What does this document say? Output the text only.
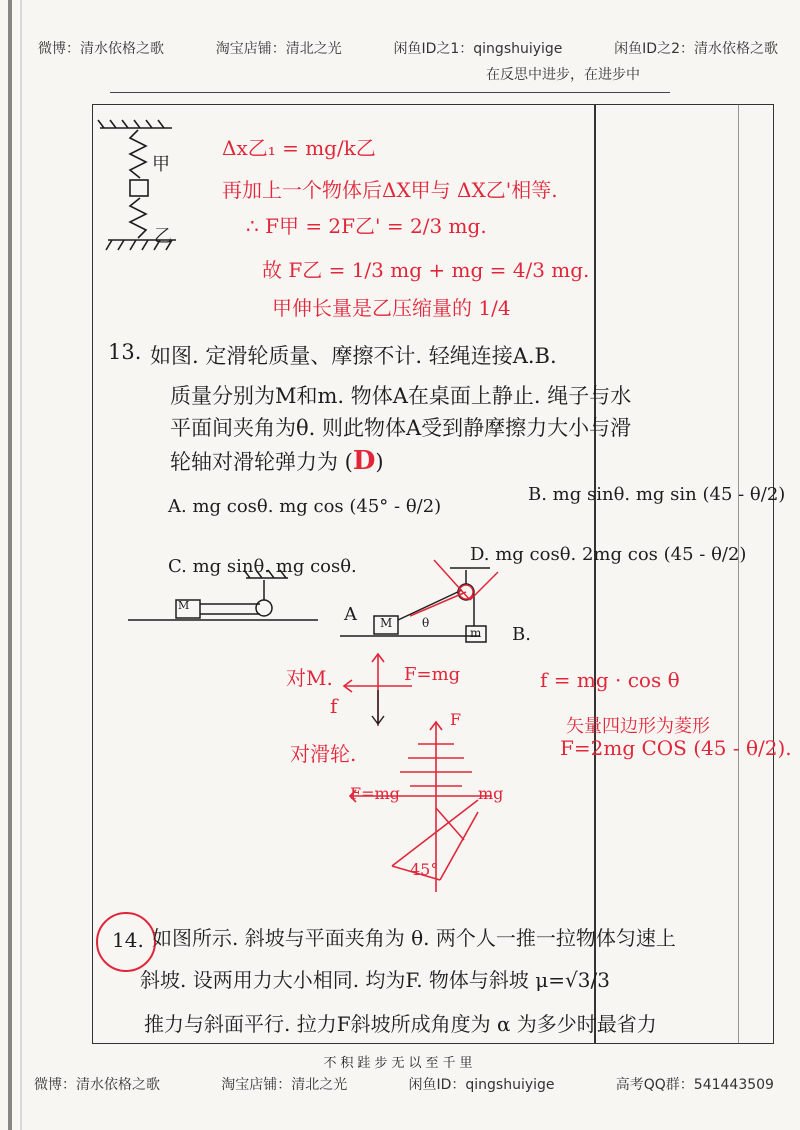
微博：清水依格之歌	淘宝店铺：清北之光	闲鱼ID之1：qingshuiyige	闲鱼ID之2：清水依格之歌
在反思中进步，在进步中
甲
乙
Δx乙₁ = mg/k乙
再加上一个物体后ΔX甲与 ΔX乙'相等.
∴ F甲 = 2F乙' = 2/3 mg.
故 F乙 = 1/3 mg + mg = 4/3 mg.
甲伸长量是乙压缩量的 1/4
13. 如图. 定滑轮质量、摩擦不计. 轻绳连接A.B.
质量分别为M和m. 物体A在桌面上静止. 绳子与水
平面间夹角为θ. 则此物体A受到静摩擦力大小与滑
轮轴对滑轮弹力为 (D)
A. mg cosθ. mg cos (45° - θ/2)
B. mg sinθ. mg sin (45 - θ/2)
C. mg sinθ. mg cosθ.
D. mg cosθ. 2mg cos (45 - θ/2)
M	A M
m B.
θ
对M.	F=mg
f
f = mg · cos θ
矢量四边形为菱形
F=2mg COS (45 - θ/2).
对滑轮.
F
F=mg	mg
45°
14. 如图所示. 斜坡与平面夹角为 θ. 两个人一推一拉物体匀速上
斜坡. 设两用力大小相同. 均为F. 物体与斜坡 μ=√3/3
推力与斜面平行. 拉力F斜坡所成角度为 α 为多少时最省力
不积跬步无以至千里
微博：清水依格之歌	淘宝店铺：清北之光	闲鱼ID：qingshuiyige	高考QQ群：541443509
